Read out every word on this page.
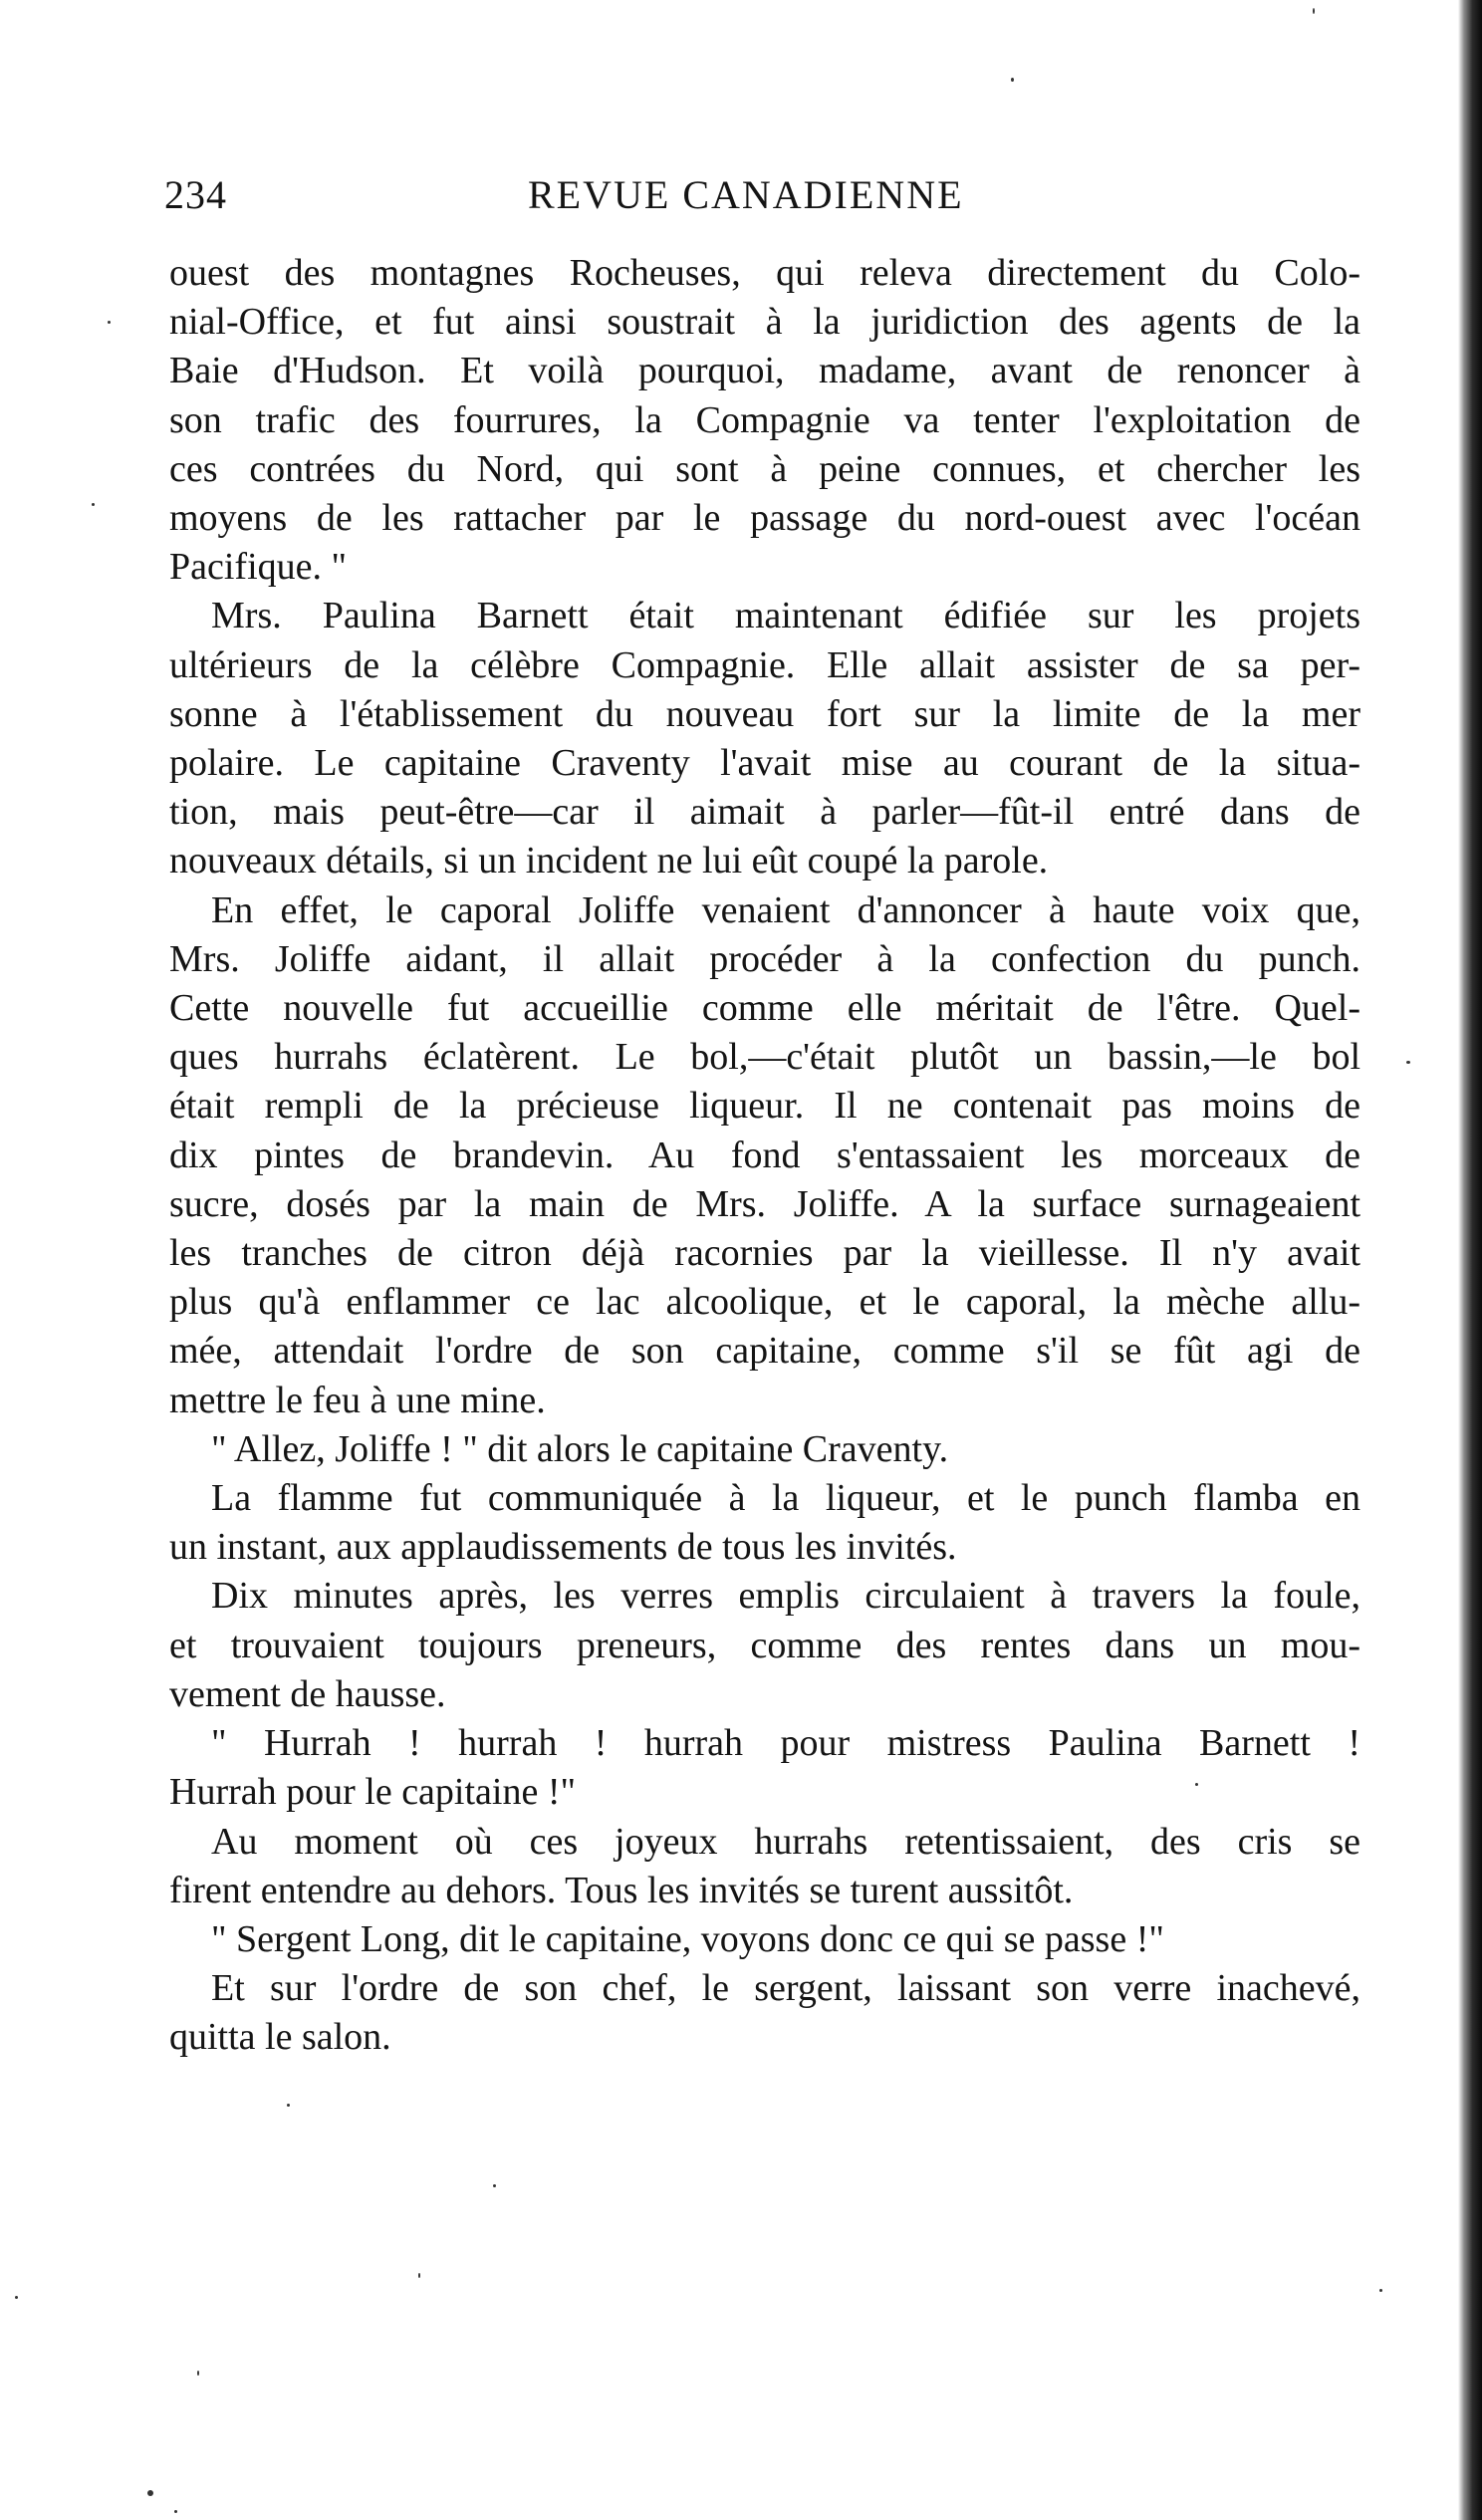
234	REVUE CANADIENNE

ouest des montagnes Rocheuses, qui releva directement du Colo-
nial-Office, et fut ainsi soustrait à la juridiction des agents de la
Baie d'Hudson. Et voilà pourquoi, madame, avant de renoncer à
son trafic des fourrures, la Compagnie va tenter l'exploitation de
ces contrées du Nord, qui sont à peine connues, et chercher les
moyens de les rattacher par le passage du nord-ouest avec l'océan
Pacifique. "

Mrs. Paulina Barnett était maintenant édifiée sur les projets
ultérieurs de la célèbre Compagnie. Elle allait assister de sa per-
sonne à l'établissement du nouveau fort sur la limite de la mer
polaire. Le capitaine Craventy l'avait mise au courant de la situa-
tion, mais peut-être—car il aimait à parler—fût-il entré dans de
nouveaux détails, si un incident ne lui eût coupé la parole.

En effet, le caporal Joliffe venaient d'annoncer à haute voix que,
Mrs. Joliffe aidant, il allait procéder à la confection du punch.
Cette nouvelle fut accueillie comme elle méritait de l'être. Quel-
ques hurrahs éclatèrent. Le bol,—c'était plutôt un bassin,—le bol
était rempli de la précieuse liqueur. Il ne contenait pas moins de
dix pintes de brandevin. Au fond s'entassaient les morceaux de
sucre, dosés par la main de Mrs. Joliffe. A la surface surnageaient
les tranches de citron déjà racornies par la vieillesse. Il n'y avait
plus qu'à enflammer ce lac alcoolique, et le caporal, la mèche allu-
mée, attendait l'ordre de son capitaine, comme s'il se fût agi de
mettre le feu à une mine.

" Allez, Joliffe ! " dit alors le capitaine Craventy.

La flamme fut communiquée à la liqueur, et le punch flamba en
un instant, aux applaudissements de tous les invités.

Dix minutes après, les verres emplis circulaient à travers la foule,
et trouvaient toujours preneurs, comme des rentes dans un mou-
vement de hausse.

" Hurrah ! hurrah ! hurrah pour mistress Paulina Barnett !
Hurrah pour le capitaine !"

Au moment où ces joyeux hurrahs retentissaient, des cris se
firent entendre au dehors. Tous les invités se turent aussitôt.

" Sergent Long, dit le capitaine, voyons donc ce qui se passe !"

Et sur l'ordre de son chef, le sergent, laissant son verre inachevé,
quitta le salon.
